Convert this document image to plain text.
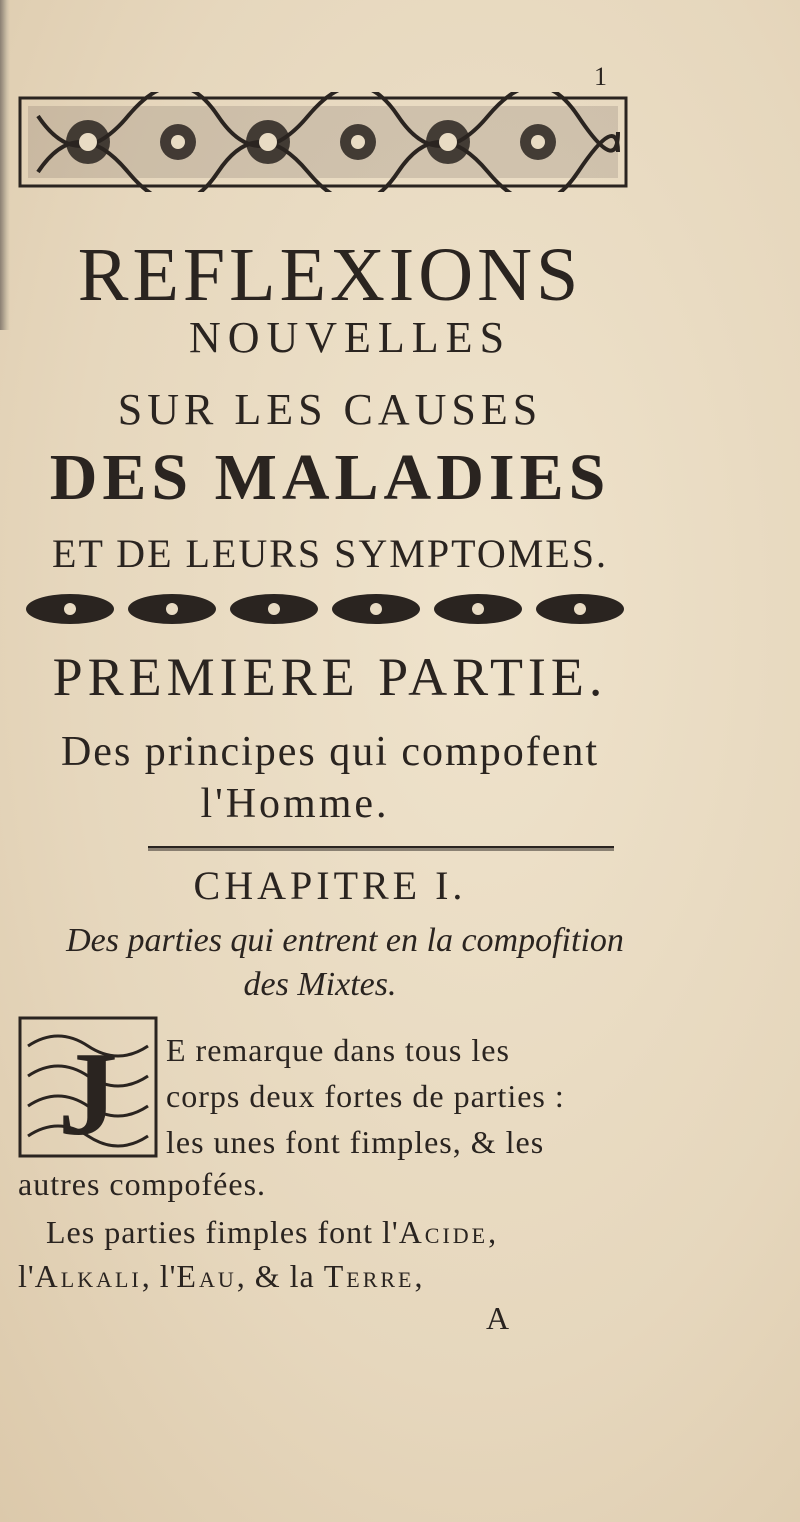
1
REFLEXIONS
NOUVELLES
SUR LES CAUSES
DES MALADIES
ET DE LEURS SYMPTOMES.
PREMIERE PARTIE.
Des principes qui compofent
l'Homme.
CHAPITRE I.
Des parties qui entrent en la compofition
des Mixtes.
J E remarque dans tous les
corps deux fortes de parties :
les unes font fimples, & les
autres compofées.
Les parties fimples font l'Acide,
l'Alkali, l'Eau, & la Terre,
A
